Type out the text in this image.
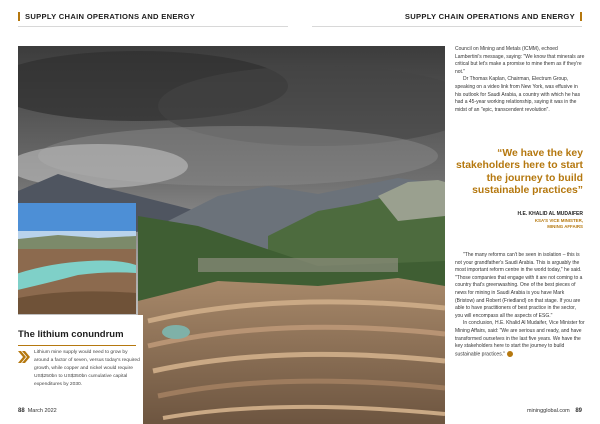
SUPPLY CHAIN OPERATIONS AND ENERGY	SUPPLY CHAIN OPERATIONS AND ENERGY
The lithium conundrum
Lithium mine supply would need to grow by around a factor of seven, versus today's required growth, while copper and nickel would require US$250bn to US$350bn cumulative capital expenditures by 2030.

Council on Mining and Metals (ICMM), echoed Lambertini's message, saying: "We know that minerals are critical but let's make a promise to mine them as if they're not."

Dr Thomas Kaplan, Chairman, Electrum Group, speaking on a video link from New York, was effusive in his outlook for Saudi Arabia, a country with which he has had a 45-year working relationship, saying it was in the midst of an "epic, transcendent revolution".

“We have the key stakeholders here to start the journey to build sustainable practices”
H.E. KHALID AL MUDAIFER
KSA'S VICE MINISTER,
MINING AFFAIRS

"The many reforms can't be seen in isolation – this is not your grandfather's Saudi Arabia. This is arguably the most important reform centre in the world today," he said. "Those companies that engage with it are not coming to a country that's greenwashing. One of the best pieces of news for mining in Saudi Arabia is you have Mark (Bristow) and Robert (Friedland) on that stage. If you are able to have practitioners of best practice in the sector, you will encompass all the aspects of ESG."

In conclusion, H.E. Khalid Al Mudaifer, Vice Minister for Mining Affairs, said: "We are serious and ready, and have transformed ourselves in the last five years. We have the key stakeholders here to start the journey to build sustainable practices."

88 March 2022	miningglobal.com 89
